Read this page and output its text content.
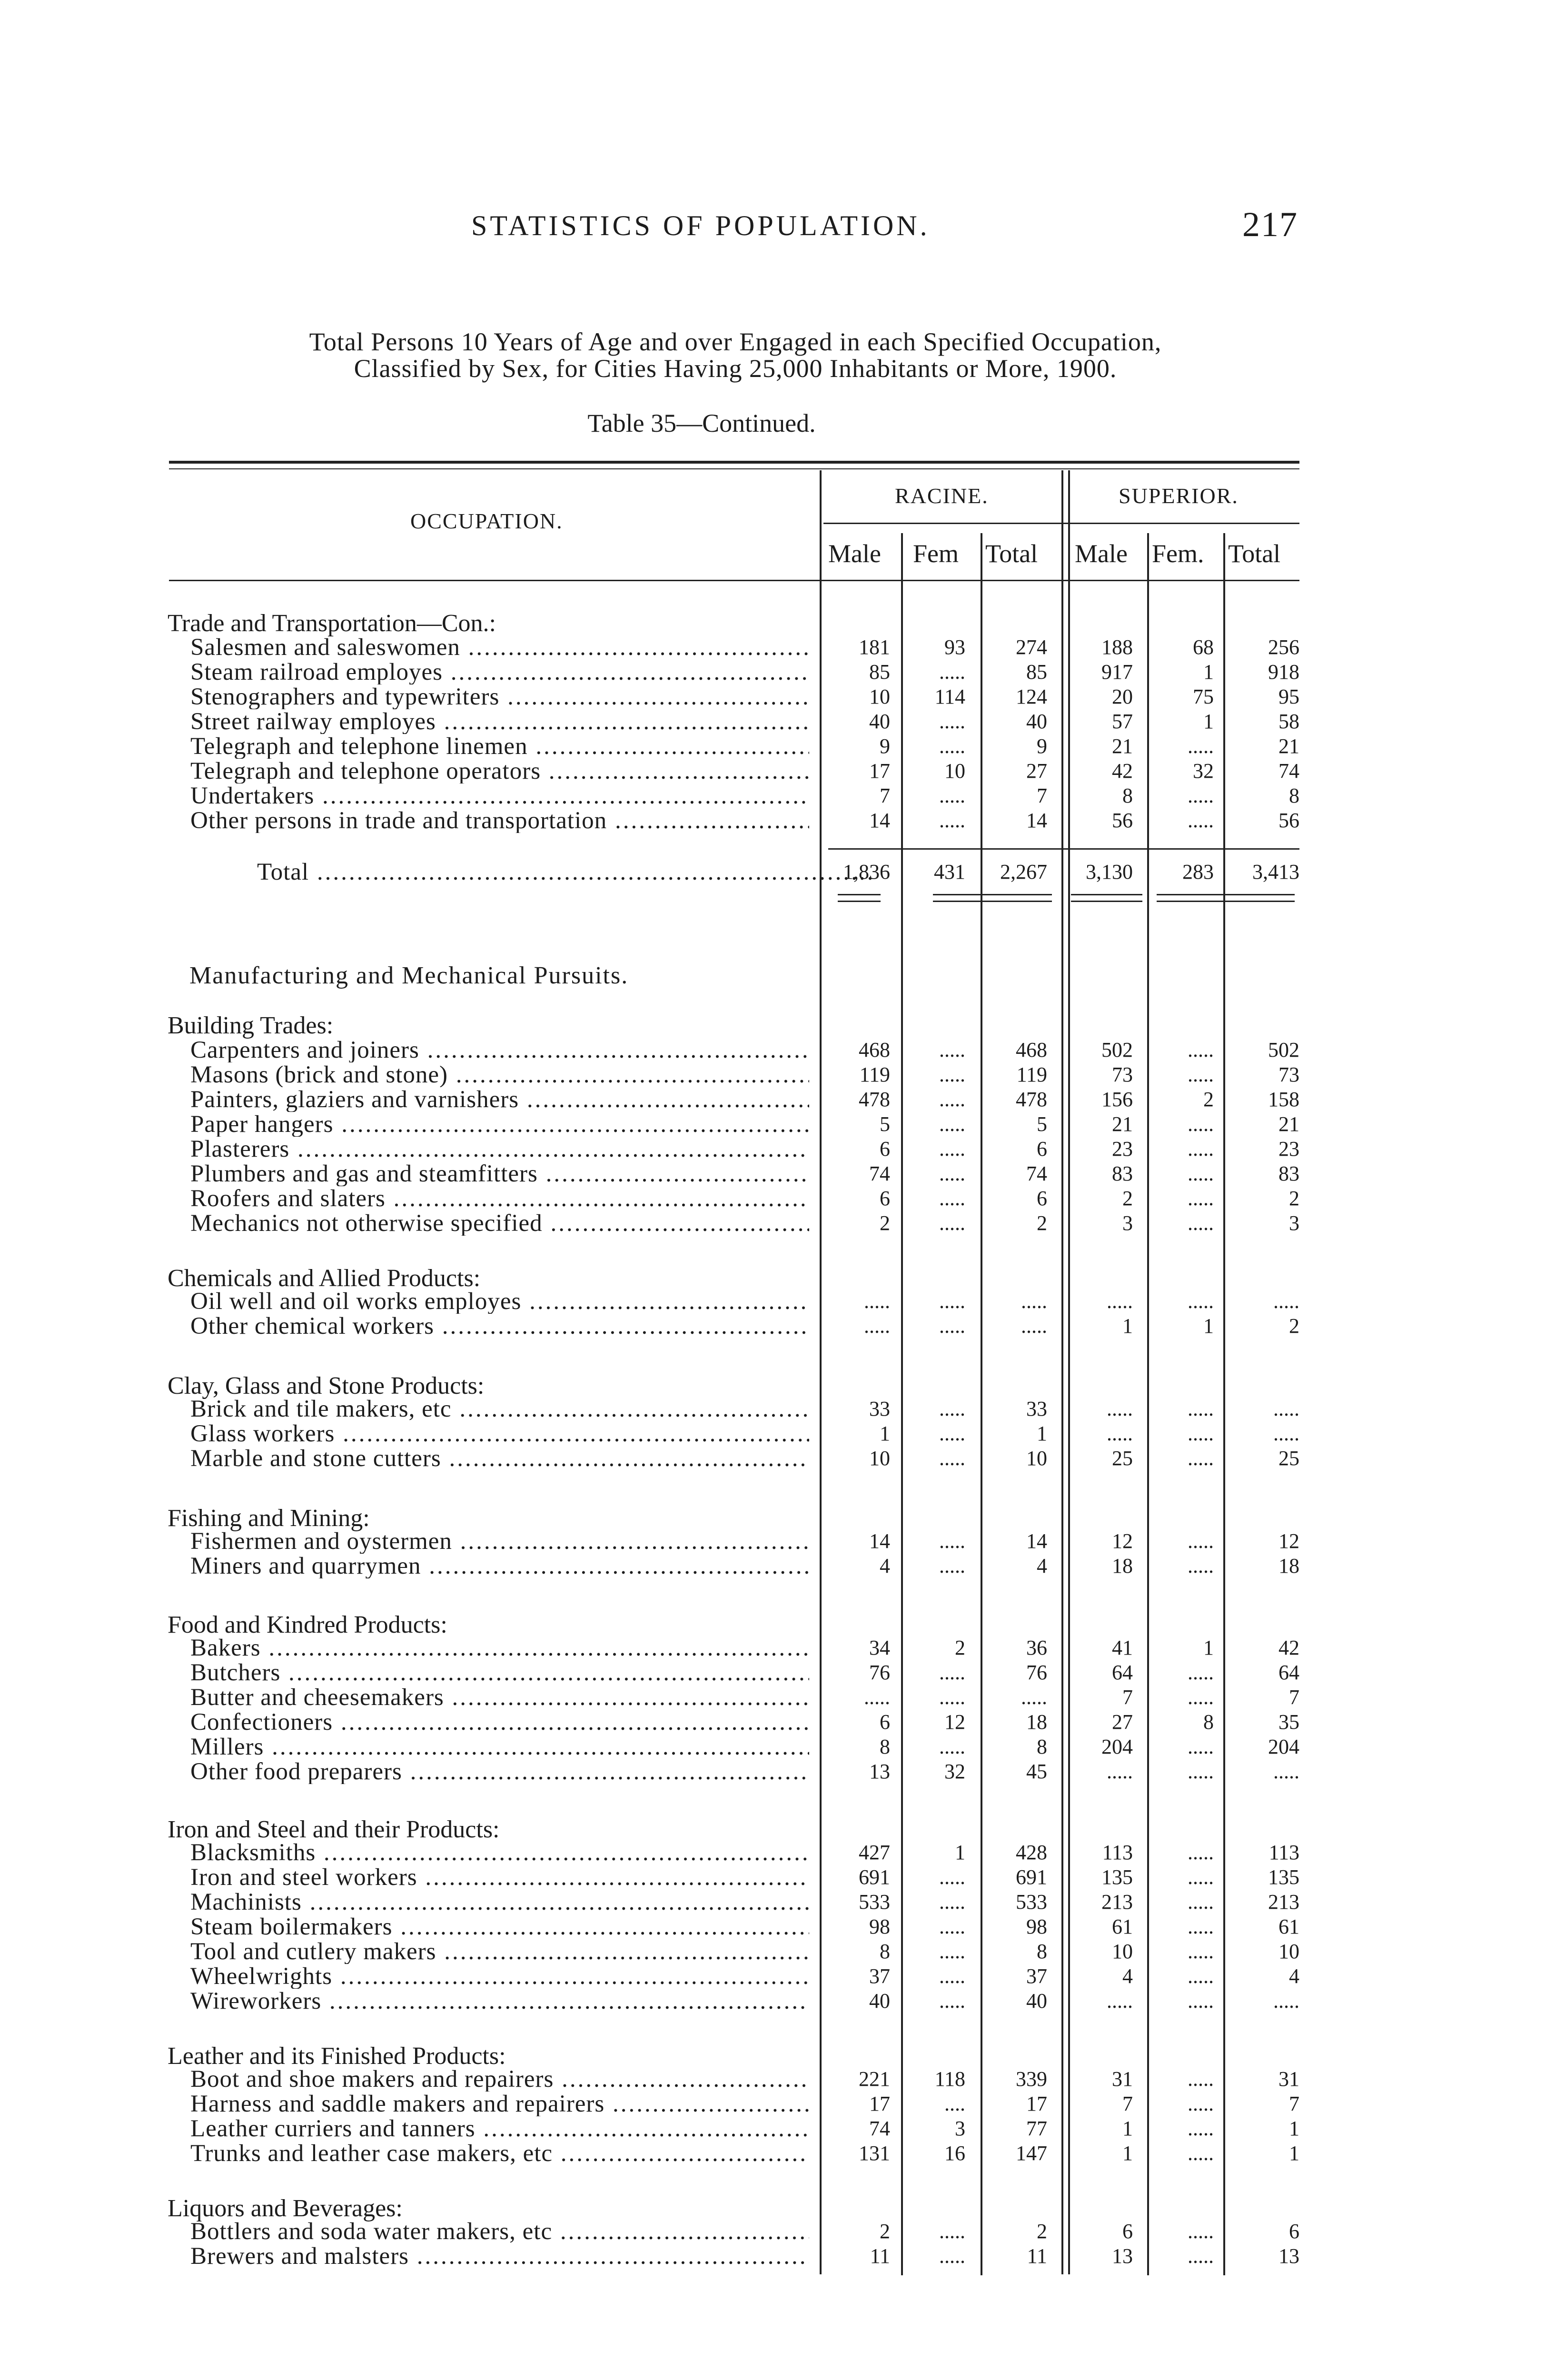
STATISTICS OF POPULATION.	217
Total Persons 10 Years of Age and over Engaged in each Specified Occupation,
Classified by Sex, for Cities Having 25,000 Inhabitants or More, 1900.
Table 35—Continued.
OCCUPATION.
RACINE.	SUPERIOR.
Male Fem Total Male Fem. Total
Trade and Transportation—Con.:
Salesmen and saleswomen .....	181	93	274	188	68	256
Steam railroad employes .....	85	.....	85	917	1	918
Stenographers and typewriters .....	10	114	124	20	75	95
Street railway employes .....	40	.....	40	57	1	58
Telegraph and telephone linemen .....	9	.....	9	21	.....	21
Telegraph and telephone operators .....	17	10	27	42	32	74
Undertakers .....	7	.....	7	8	.....	8
Other persons in trade and transportation .....	14	.....	14	56	.....	56
Total .....	1,836	431	2,267	3,130	283	3,413
Manufacturing and Mechanical Pursuits.
Building Trades:
Carpenters and joiners .....	468	.....	468	502	.....	502
Masons (brick and stone) .....	119	.....	119	73	.....	73
Painters, glaziers and varnishers .....	478	.....	478	156	2	158
Paper hangers .....	5	.....	5	21	.....	21
Plasterers .....	6	.....	6	23	.....	23
Plumbers and gas and steamfitters .....	74	.....	74	83	.....	83
Roofers and slaters .....	6	.....	6	2	.....	2
Mechanics not otherwise specified .....	2	.....	2	3	.....	3
Chemicals and Allied Products:
Oil well and oil works employes .....	.....	.....	.....	.....	.....	.....
Other chemical workers .....	.....	.....	.....	1	1	2
Clay, Glass and Stone Products:
Brick and tile makers, etc .....	33	.....	33	.....	.....	.....
Glass workers .....	1	.....	1	.....	.....	.....
Marble and stone cutters .....	10	.....	10	25	.....	25
Fishing and Mining:
Fishermen and oystermen .....	14	.....	14	12	.....	12
Miners and quarrymen .....	4	.....	4	18	.....	18
Food and Kindred Products:
Bakers .....	34	2	36	41	1	42
Butchers .....	76	.....	76	64	.....	64
Butter and cheesemakers .....	.....	.....	.....	7	.....	7
Confectioners .....	6	12	18	27	8	35
Millers .....	8	.....	8	204	.....	204
Other food preparers .....	13	32	45	.....	.....	.....
Iron and Steel and their Products:
Blacksmiths .....	427	1	428	113	.....	113
Iron and steel workers .....	691	.....	691	135	.....	135
Machinists .....	533	.....	533	213	.....	213
Steam boilermakers .....	98	.....	98	61	.....	61
Tool and cutlery makers .....	8	.....	8	10	.....	10
Wheelwrights .....	37	.....	37	4	.....	4
Wireworkers .....	40	.....	40	.....	.....	.....
Leather and its Finished Products:
Boot and shoe makers and repairers .....	221	118	339	31	.....	31
Harness and saddle makers and repairers .....	17	....	17	7	.....	7
Leather curriers and tanners .....	74	3	77	1	.....	1
Trunks and leather case makers, etc .....	131	16	147	1	.....	1
Liquors and Beverages:
Bottlers and soda water makers, etc .....	2	.....	2	6	.....	6
Brewers and malsters .....	11	.....	11	13	.....	13
